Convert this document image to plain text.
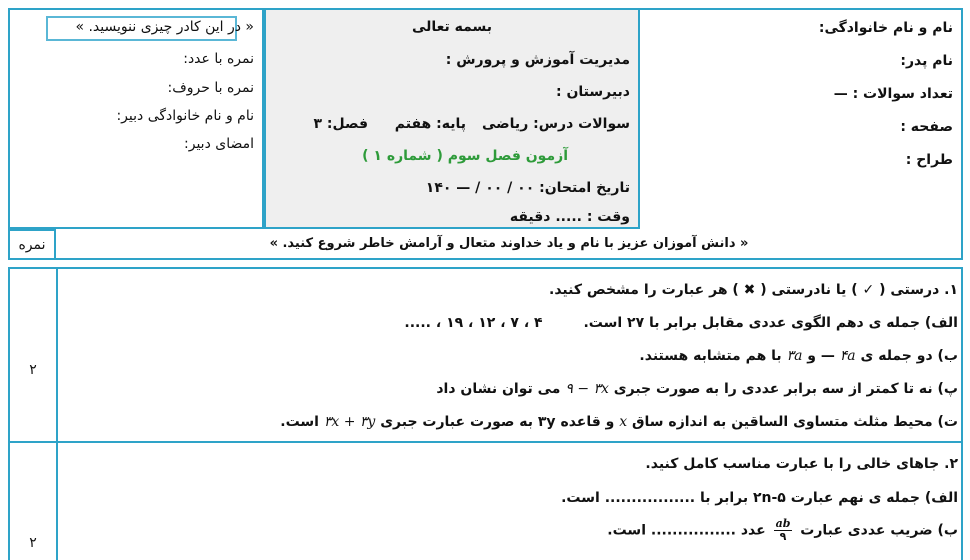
« در این کادر چیزی ننویسید. »
نمره با عدد:
نمره با حروف:
نام و نام خانوادگی دبیر:
امضای دبیر:
بسمه تعالی
مدیریت آموزش و پرورش :
دبیرستان :
سوالات درس: ریاضی
پایه: هفتم
فصل: ۳
آزمون فصل سوم ( شماره ۱ )
تاریخ امتحان: ۰۰ / ۰۰ / — ۱۴۰
وقت : ..... دقیقه
نام و نام خانوادگی:
نام پدر:
تعداد سوالات : —
صفحه :
طراح :
نمره	« دانش آموزان عزیز با نام و یاد خداوند متعال و آرامش خاطر شروع کنید. »
۲
۱. درستی ( ✓ ) یا نادرستی ( ✖ ) هر عبارت را مشخص کنید.
الف) جمله ی دهم الگوی عددی مقابل برابر با ۲۷ است. ۴ ، ۷ ، ۱۲ ، ۱۹ ، .....
ب) دو جمله ی ۴a — و ۳a با هم متشابه هستند.
پ) نه تا کمتر از سه برابر عددی را به صورت جبری ۹ − ۳x می توان نشان داد
ت) محیط مثلث متساوی الساقین به اندازه ساق x و قاعده ۳y به صورت عبارت جبری ۳x + ۳y است.
۲
۲. جاهای خالی را با عبارت مناسب کامل کنید.
الف) جمله ی نهم عبارت ۵-۲n برابر با ................. است.
ب) ضریب عددی عبارت
$\frac{ab}{۹}$
عدد ................ است.
